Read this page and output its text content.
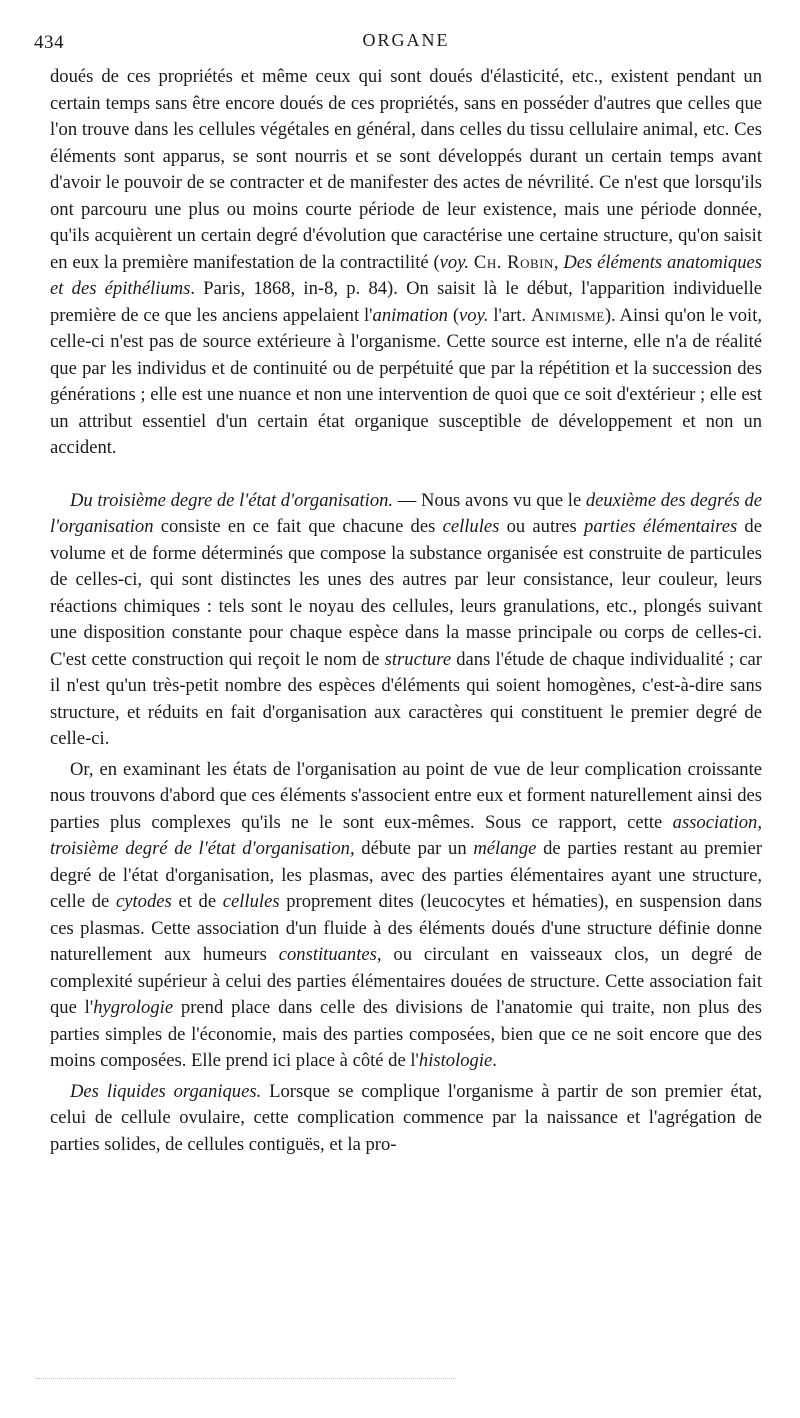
434	ORGANE

doués de ces propriétés et même ceux qui sont doués d'élasticité, etc., existent pendant un certain temps sans être encore doués de ces propriétés, sans en posséder d'autres que celles que l'on trouve dans les cellules végétales en général, dans celles du tissu cellulaire animal, etc. Ces éléments sont apparus, se sont nourris et se sont développés durant un certain temps avant d'avoir le pouvoir de se contracter et de manifester des actes de névrilité. Ce n'est que lorsqu'ils ont parcouru une plus ou moins courte période de leur existence, mais une période donnée, qu'ils acquièrent un certain degré d'évolution que caractérise une certaine structure, qu'on saisit en eux la première manifestation de la contractilité (voy. Ch. Robin, Des éléments anatomiques et des épithéliums. Paris, 1868, in-8, p. 84). On saisit là le début, l'apparition individuelle première de ce que les anciens appelaient l'animation (voy. l'art. Animisme). Ainsi qu'on le voit, celle-ci n'est pas de source extérieure à l'organisme. Cette source est interne, elle n'a de réalité que par les individus et de continuité ou de perpétuité que par la répétition et la succession des générations ; elle est une nuance et non une intervention de quoi que ce soit d'extérieur ; elle est un attribut essentiel d'un certain état organique susceptible de développement et non un accident.

Du troisième degre de l'état d'organisation. — Nous avons vu que le deuxième des degrés de l'organisation consiste en ce fait que chacune des cellules ou autres parties élémentaires de volume et de forme déterminés que compose la substance organisée est construite de particules de celles-ci, qui sont distinctes les unes des autres par leur consistance, leur couleur, leurs réactions chimiques : tels sont le noyau des cellules, leurs granulations, etc., plongés suivant une disposition constante pour chaque espèce dans la masse principale ou corps de celles-ci. C'est cette construction qui reçoit le nom de structure dans l'étude de chaque individualité ; car il n'est qu'un très-petit nombre des espèces d'éléments qui soient homogènes, c'est-à-dire sans structure, et réduits en fait d'organisation aux caractères qui constituent le premier degré de celle-ci.

Or, en examinant les états de l'organisation au point de vue de leur complication croissante nous trouvons d'abord que ces éléments s'associent entre eux et forment naturellement ainsi des parties plus complexes qu'ils ne le sont eux-mêmes. Sous ce rapport, cette association, troisième degré de l'état d'organisation, débute par un mélange de parties restant au premier degré de l'état d'organisation, les plasmas, avec des parties élémentaires ayant une structure, celle de cytodes et de cellules proprement dites (leucocytes et hématies), en suspension dans ces plasmas. Cette association d'un fluide à des éléments doués d'une structure définie donne naturellement aux humeurs constituantes, ou circulant en vaisseaux clos, un degré de complexité supérieur à celui des parties élémentaires douées de structure. Cette association fait que l'hygrologie prend place dans celle des divisions de l'anatomie qui traite, non plus des parties simples de l'économie, mais des parties composées, bien que ce ne soit encore que des moins composées. Elle prend ici place à côté de l'histologie.

Des liquides organiques. Lorsque se complique l'organisme à partir de son premier état, celui de cellule ovulaire, cette complication commence par la naissance et l'agrégation de parties solides, de cellules contiguës, et la pro-
